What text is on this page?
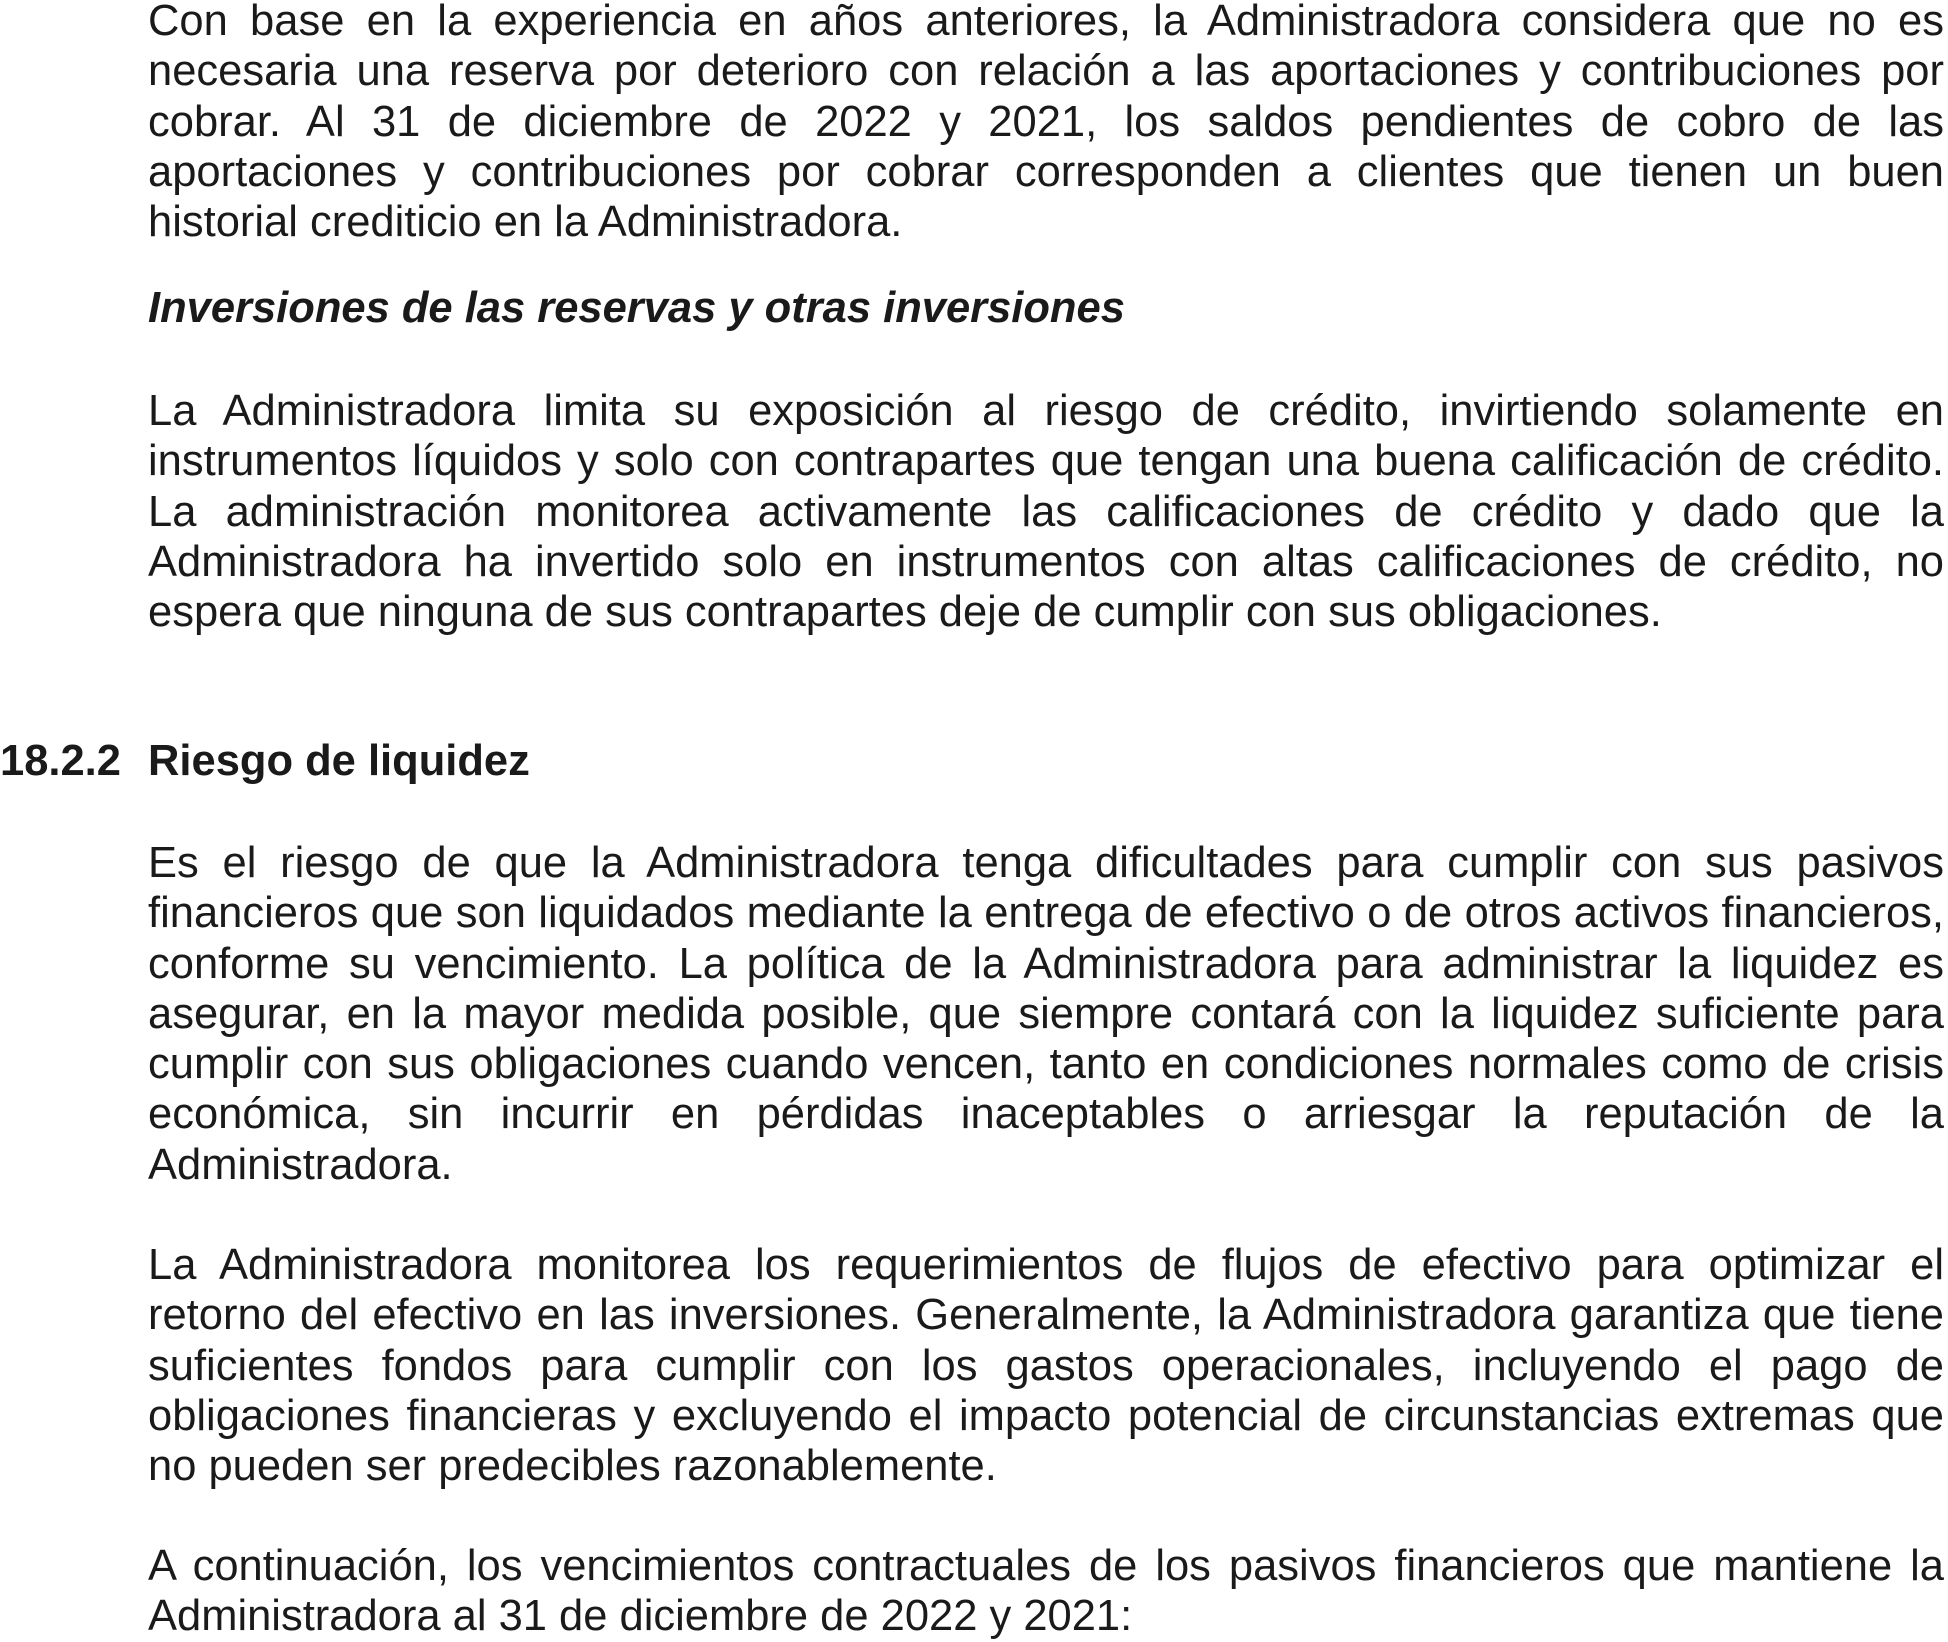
Con base en la experiencia en años anteriores, la Administradora considera que no es necesaria una reserva por deterioro con relación a las aportaciones y contribuciones por cobrar. Al 31 de diciembre de 2022 y 2021, los saldos pendientes de cobro de las aportaciones y contribuciones por cobrar corresponden a clientes que tienen un buen historial crediticio en la Administradora.

Inversiones de las reservas y otras inversiones

La Administradora limita su exposición al riesgo de crédito, invirtiendo solamente en instrumentos líquidos y solo con contrapartes que tengan una buena calificación de crédito. La administración monitorea activamente las calificaciones de crédito y dado que la Administradora ha invertido solo en instrumentos con altas calificaciones de crédito, no espera que ninguna de sus contrapartes deje de cumplir con sus obligaciones.

18.2.2 Riesgo de liquidez

Es el riesgo de que la Administradora tenga dificultades para cumplir con sus pasivos financieros que son liquidados mediante la entrega de efectivo o de otros activos financieros, conforme su vencimiento. La política de la Administradora para administrar la liquidez es asegurar, en la mayor medida posible, que siempre contará con la liquidez suficiente para cumplir con sus obligaciones cuando vencen, tanto en condiciones normales como de crisis económica, sin incurrir en pérdidas inaceptables o arriesgar la reputación de la Administradora.

La Administradora monitorea los requerimientos de flujos de efectivo para optimizar el retorno del efectivo en las inversiones. Generalmente, la Administradora garantiza que tiene suficientes fondos para cumplir con los gastos operacionales, incluyendo el pago de obligaciones financieras y excluyendo el impacto potencial de circunstancias extremas que no pueden ser predecibles razonablemente.

A continuación, los vencimientos contractuales de los pasivos financieros que mantiene la Administradora al 31 de diciembre de 2022 y 2021:
